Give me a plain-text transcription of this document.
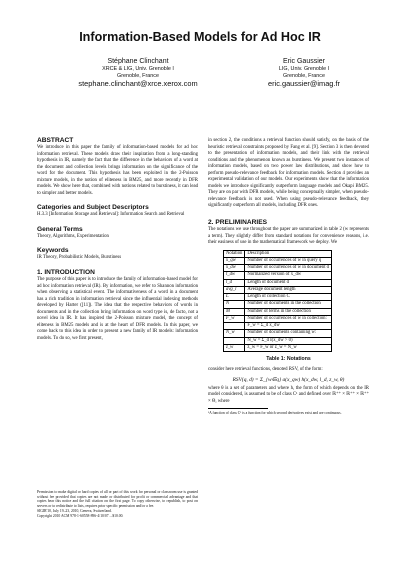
Information-Based Models for Ad Hoc IR
Stéphane Clinchant
XRCE & LIG, Univ. Grenoble I
Grenoble, France
stephane.clinchant@xrce.xerox.com
Eric Gaussier
LIG, Univ. Grenoble I
Grenoble, France
eric.gaussier@imag.fr
ABSTRACT

We introduce in this paper the family of information-based models for ad hoc information retrieval. These models draw their inspiration from a long-standing hypothesis in IR, namely the fact that the difference in the behaviors of a word at the document and collection levels brings information on the significance of the word for the document. This hypothesis has been exploited in the 2-Poisson mixture models, in the notion of eliteness in BM25, and more recently in DFR models. We show here that, combined with notions related to burstiness, it can lead to simpler and better models.

Categories and Subject Descriptors

H.3.3 [Information Storage and Retrieval]: Information Search and Retrieval

General Terms

Theory, Algorithms, Experimentation

Keywords

IR Theory, Probabilistic Models, Burstiness

1. INTRODUCTION

The purpose of this paper is to introduce the family of information-based model for ad hoc information retrieval (IR). By information, we refer to Shannon information when observing a statistical event. The informativeness of a word in a document has a rich tradition in information retrieval since the influential indexing methods developed by Harter ([11]). The idea that the respective behaviors of words in documents and in the collection bring information on word type is, de facto, not a novel idea in IR. It has inspired the 2-Poisson mixture model, the concept of eliteness in BM25 models and is at the heart of DFR models. In this paper, we come back to this idea in order to present a new family of IR models: information models. To do so, we first present,

Permission to make digital or hard copies of all or part of this work for personal or classroom use is granted without fee provided that copies are not made or distributed for profit or commercial advantage and that copies bear this notice and the full citation on the first page. To copy otherwise, to republish, to post on servers or to redistribute to lists, requires prior specific permission and/or a fee.
SIGIR'10, July 19–23, 2010, Geneva, Switzerland.
Copyright 2010 ACM 978-1-60558-896-4/10/07 ...$10.00.

in section 2, the conditions a retrieval function should satisfy, on the basis of the heuristic retrieval constraints proposed by Fang et al. [9]. Section 3 is then devoted to the presentation of information models, and their link with the retrieval conditions and the phenomenon known as burstiness. We present two instances of information models, based on two power law distributions, and show how to perform pseudo-relevance feedback for information models. Section 4 provides an experimental validation of our models. Our experiments show that the information models we introduce significantly outperform language models and Okapi BM25. They are on par with DFR models, while being conceptually simpler, when pseudo-relevance feedback is not used. When using pseudo-relevance feedback, they significantly outperform all models, including DFR ones.

2. PRELIMINARIES

The notations we use throughout the paper are summarized in table 2 (w represents a term). They slightly differ from standard notations for convenience reasons, i.e. their easiness of use in the mathematical framework we deploy. We

Notation	Description
x_qw	Number of occurrences of w in query q
x_dw	Number of occurrences of w in document d
t_dw	Normalized version of x_dw
l_d	Length of document d
avg_l	Average document length
L	Length of collection C
N	Number of documents in the collection
M	Number of terms in the collection
F_w	Number of occurrences of w in collection:
	F_w = Σ_d x_dw
N_w	Number of documents containing w:
	N_w = Σ_d I(x_dw > 0)
z_w	z_w = F_w or z_w = N_w
Table 1: Notations

consider here retrieval functions, denoted RSV, of the form:

RSV(q, d) = Σ_{w∈q} a(x_qw) h(x_dw, l_d, z_w, θ)

where θ is a set of parameters and where h, the form of which depends on the IR model considered, is assumed to be of class C¹ and defined over ℝ⁺⁺ × ℝ⁺⁺ × ℝ⁺⁺ × Θ, where

¹A function of class C¹ is a function for which second derivatives exist and are continuous.
